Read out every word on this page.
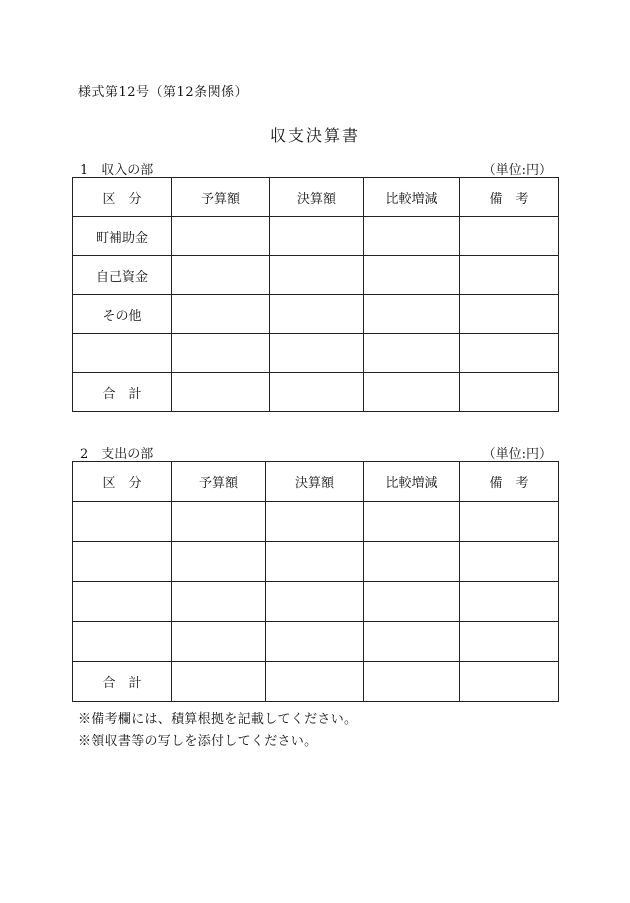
様式第12号（第12条関係）
収支決算書
1　収入の部	（単位:円）
区　分	予算額	決算額	比較増減	備　考
町補助金				
自己資金				
その他				

合　計				
2　支出の部	（単位:円）
区　分	予算額	決算額	比較増減	備　考

合　計				
※備考欄には、積算根拠を記載してください。
※領収書等の写しを添付してください。
